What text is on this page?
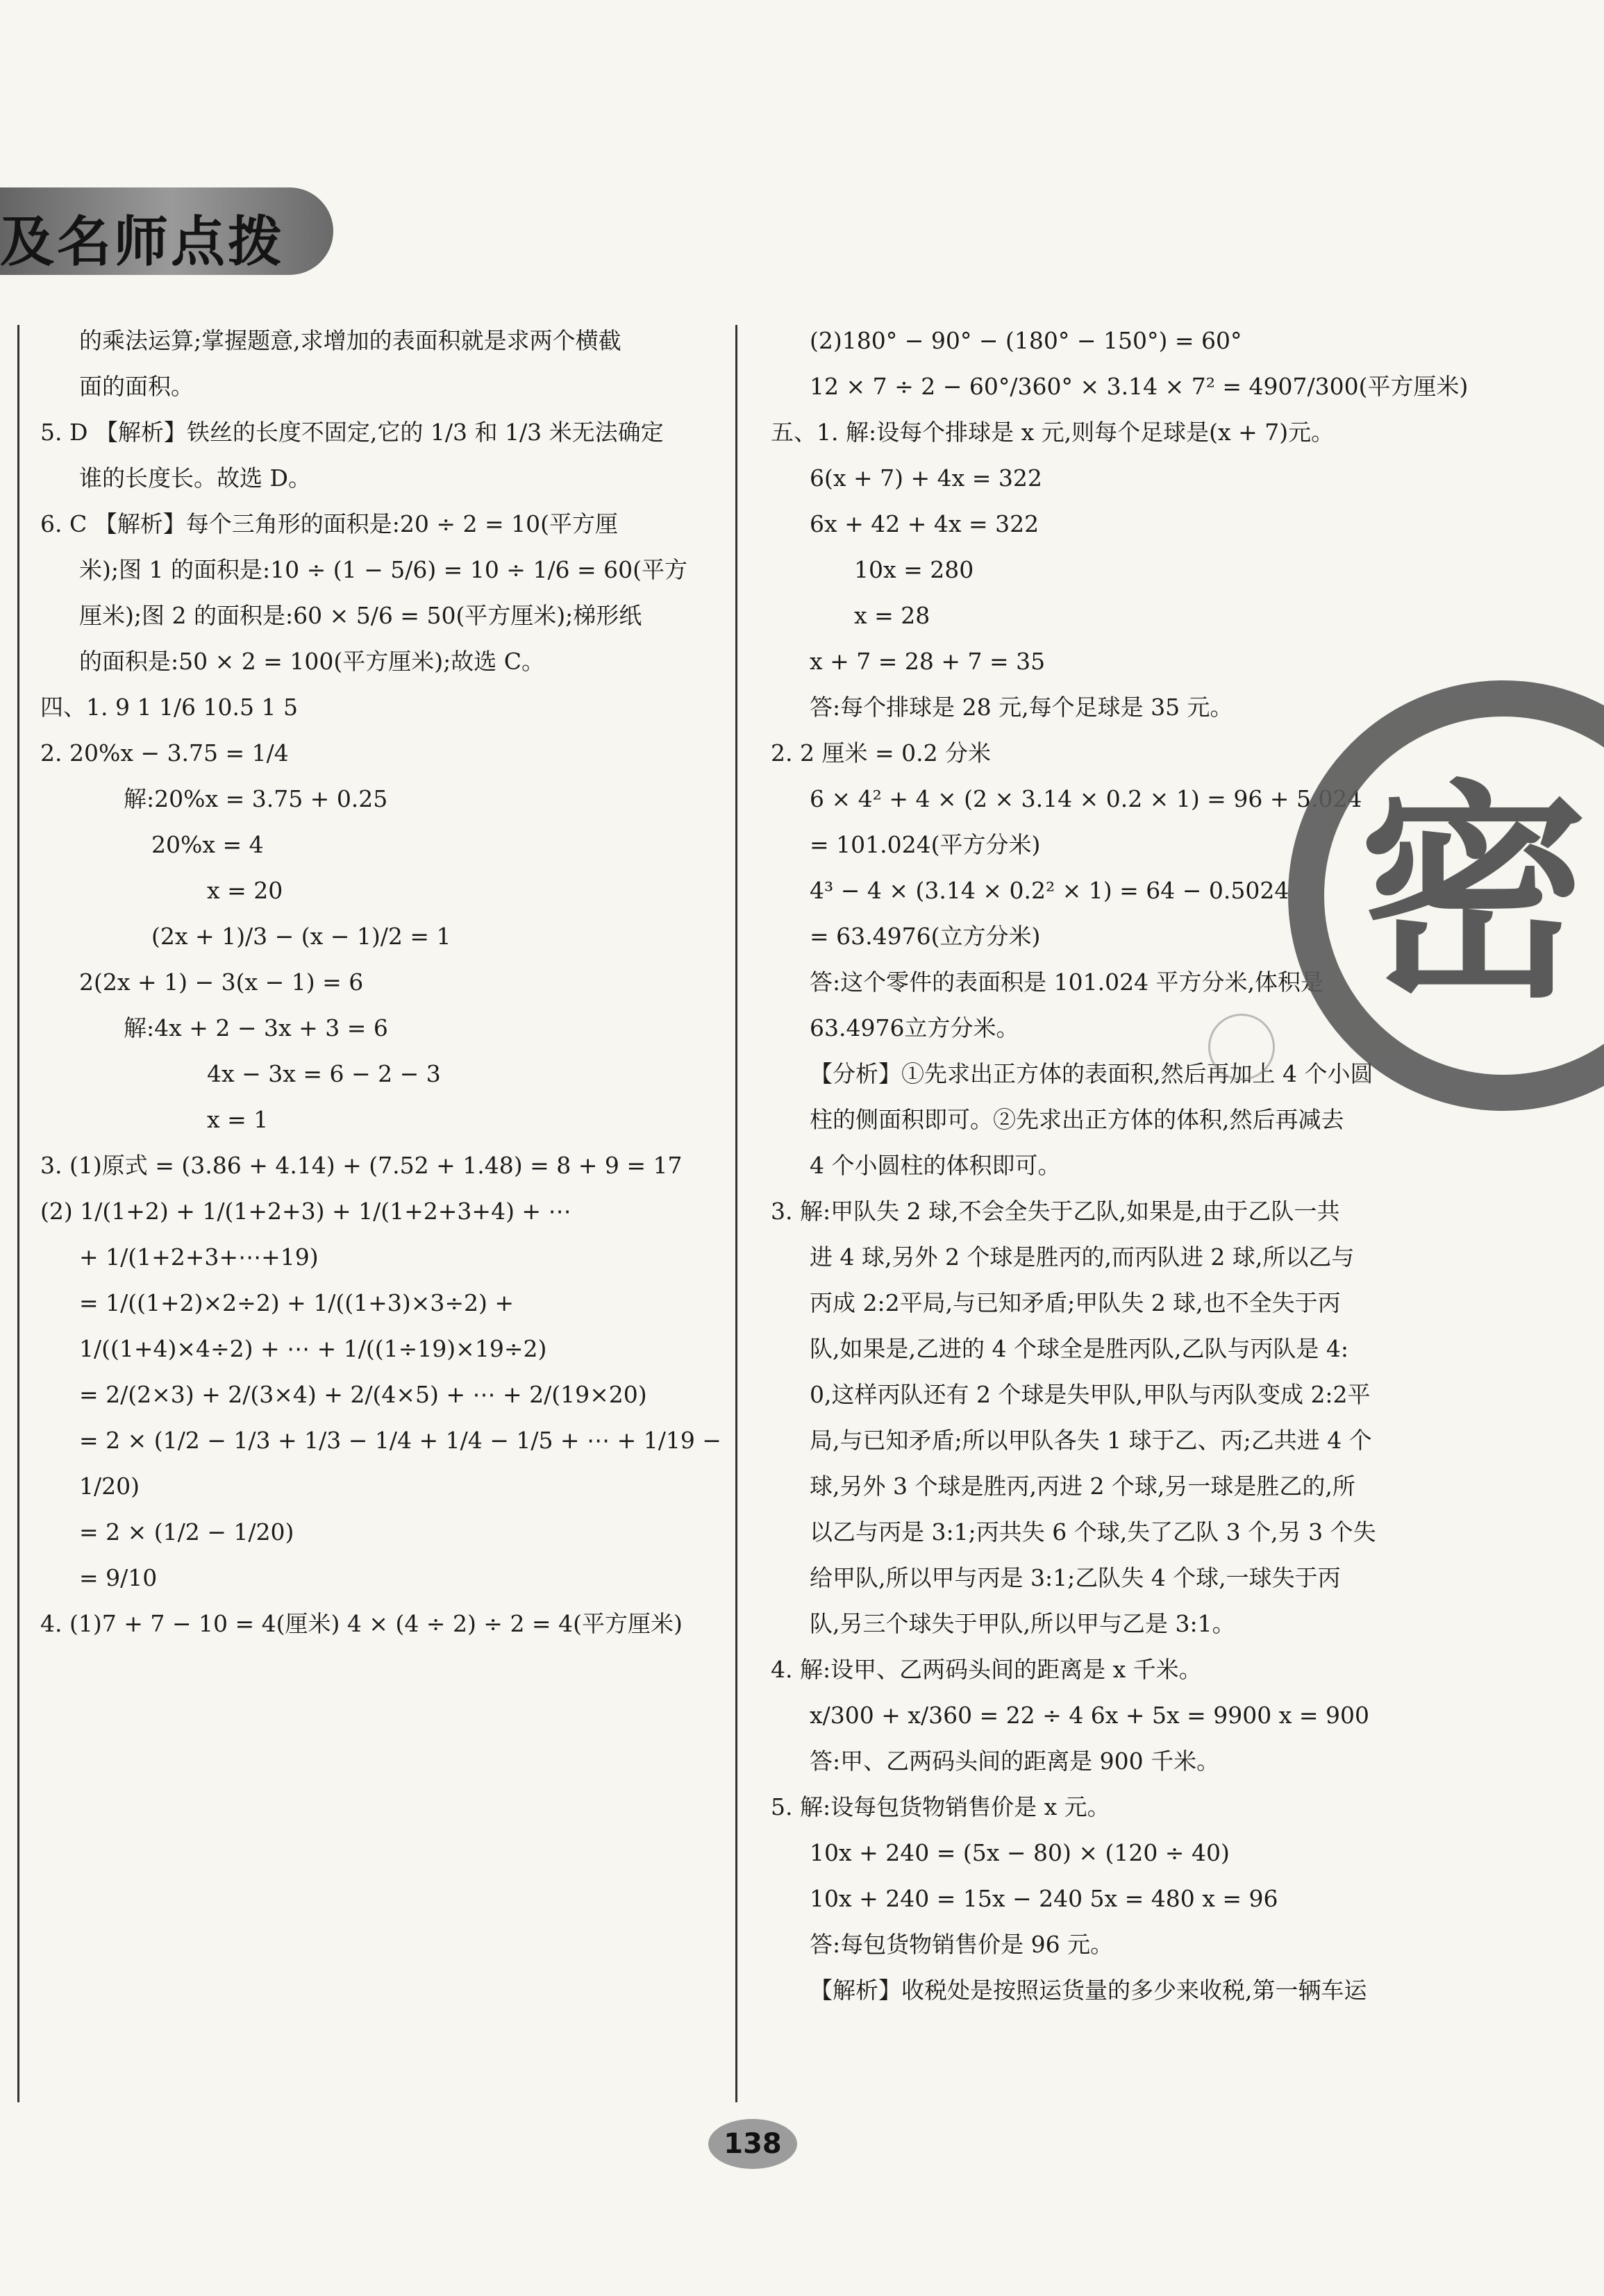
及名师点拨
的乘法运算;掌握题意,求增加的表面积就是求两个横截
面的面积。
5. D 【解析】铁丝的长度不固定,它的 1/3 和 1/3 米无法确定
谁的长度长。故选 D。
6. C 【解析】每个三角形的面积是:20 ÷ 2 = 10(平方厘
米);图 1 的面积是:10 ÷ (1 − 5/6) = 10 ÷ 1/6 = 60(平方
厘米);图 2 的面积是:60 × 5/6 = 50(平方厘米);梯形纸
的面积是:50 × 2 = 100(平方厘米);故选 C。
四、1. 9 1 1/6 10.5 1 5
2. 20%x − 3.75 = 1/4
解:20%x = 3.75 + 0.25
20%x = 4
x = 20
(2x + 1)/3 − (x − 1)/2 = 1
2(2x + 1) − 3(x − 1) = 6
解:4x + 2 − 3x + 3 = 6
4x − 3x = 6 − 2 − 3
x = 1
3. (1)原式 = (3.86 + 4.14) + (7.52 + 1.48) = 8 + 9 = 17
(2) 1/(1+2) + 1/(1+2+3) + 1/(1+2+3+4) + ⋯
+ 1/(1+2+3+⋯+19)
= 1/((1+2)×2÷2) + 1/((1+3)×3÷2) +
1/((1+4)×4÷2) + ⋯ + 1/((1÷19)×19÷2)
= 2/(2×3) + 2/(3×4) + 2/(4×5) + ⋯ + 2/(19×20)
= 2 × (1/2 − 1/3 + 1/3 − 1/4 + 1/4 − 1/5 + ⋯ + 1/19 −
1/20)
= 2 × (1/2 − 1/20)
= 9/10
4. (1)7 + 7 − 10 = 4(厘米) 4 × (4 ÷ 2) ÷ 2 = 4(平方厘米)
(2)180° − 90° − (180° − 150°) = 60°
12 × 7 ÷ 2 − 60°/360° × 3.14 × 7² = 4907/300(平方厘米)
五、1. 解:设每个排球是 x 元,则每个足球是(x + 7)元。
6(x + 7) + 4x = 322
6x + 42 + 4x = 322
10x = 280
x = 28
x + 7 = 28 + 7 = 35
答:每个排球是 28 元,每个足球是 35 元。
2. 2 厘米 = 0.2 分米
6 × 4² + 4 × (2 × 3.14 × 0.2 × 1) = 96 + 5.024
= 101.024(平方分米)
4³ − 4 × (3.14 × 0.2² × 1) = 64 − 0.5024
= 63.4976(立方分米)
答:这个零件的表面积是 101.024 平方分米,体积是
63.4976立方分米。
【分析】①先求出正方体的表面积,然后再加上 4 个小圆
柱的侧面积即可。②先求出正方体的体积,然后再减去
4 个小圆柱的体积即可。
3. 解:甲队失 2 球,不会全失于乙队,如果是,由于乙队一共
进 4 球,另外 2 个球是胜丙的,而丙队进 2 球,所以乙与
丙成 2:2平局,与已知矛盾;甲队失 2 球,也不全失于丙
队,如果是,乙进的 4 个球全是胜丙队,乙队与丙队是 4:
0,这样丙队还有 2 个球是失甲队,甲队与丙队变成 2:2平
局,与已知矛盾;所以甲队各失 1 球于乙、丙;乙共进 4 个
球,另外 3 个球是胜丙,丙进 2 个球,另一球是胜乙的,所
以乙与丙是 3:1;丙共失 6 个球,失了乙队 3 个,另 3 个失
给甲队,所以甲与丙是 3:1;乙队失 4 个球,一球失于丙
队,另三个球失于甲队,所以甲与乙是 3:1。
4. 解:设甲、乙两码头间的距离是 x 千米。
x/300 + x/360 = 22 ÷ 4 6x + 5x = 9900 x = 900
答:甲、乙两码头间的距离是 900 千米。
5. 解:设每包货物销售价是 x 元。
10x + 240 = (5x − 80) × (120 ÷ 40)
10x + 240 = 15x − 240 5x = 480 x = 96
答:每包货物销售价是 96 元。
【解析】收税处是按照运货量的多少来收税,第一辆车运
密
138
